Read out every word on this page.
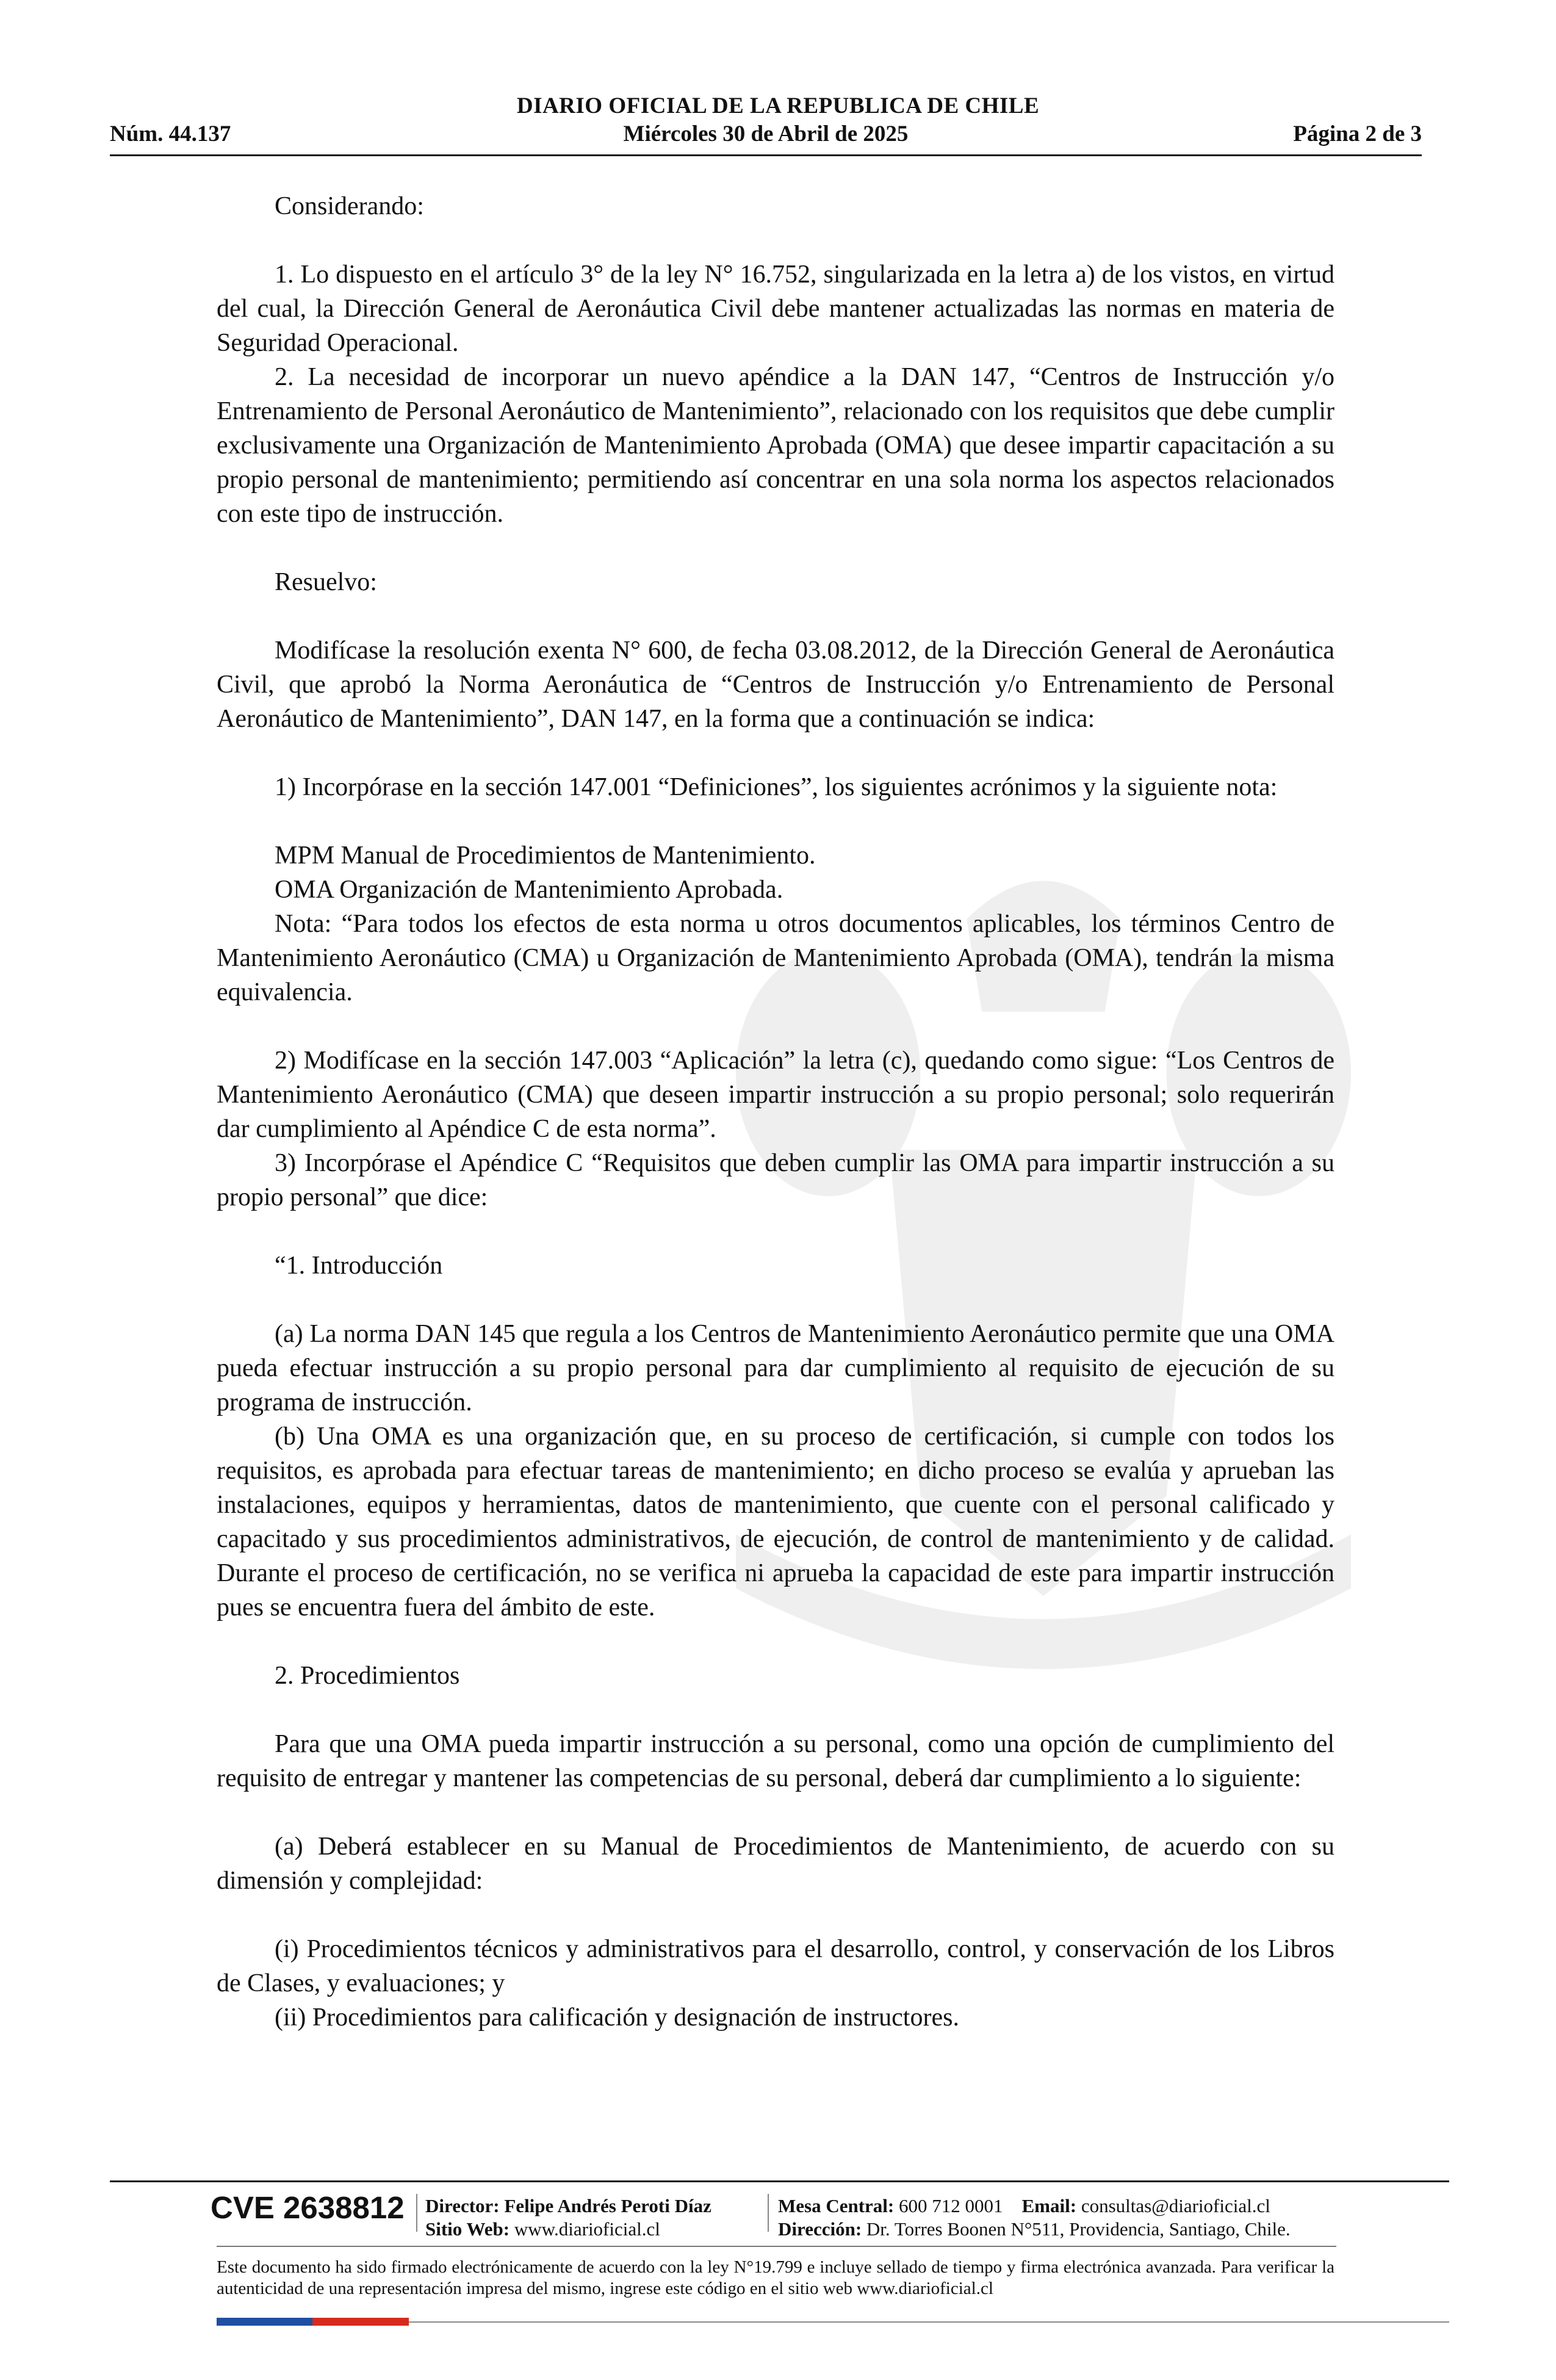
DIARIO OFICIAL DE LA REPUBLICA DE CHILE
Núm. 44.137	Miércoles 30 de Abril de 2025	Página 2 de 3

Considerando:

1. Lo dispuesto en el artículo 3° de la ley N° 16.752, singularizada en la letra a) de los vistos, en virtud del cual, la Dirección General de Aeronáutica Civil debe mantener actualizadas las normas en materia de Seguridad Operacional.

2. La necesidad de incorporar un nuevo apéndice a la DAN 147, “Centros de Instrucción y/o Entrenamiento de Personal Aeronáutico de Mantenimiento”, relacionado con los requisitos que debe cumplir exclusivamente una Organización de Mantenimiento Aprobada (OMA) que desee impartir capacitación a su propio personal de mantenimiento; permitiendo así concentrar en una sola norma los aspectos relacionados con este tipo de instrucción.

Resuelvo:

Modifícase la resolución exenta N° 600, de fecha 03.08.2012, de la Dirección General de Aeronáutica Civil, que aprobó la Norma Aeronáutica de “Centros de Instrucción y/o Entrenamiento de Personal Aeronáutico de Mantenimiento”, DAN 147, en la forma que a continuación se indica:

1) Incorpórase en la sección 147.001 “Definiciones”, los siguientes acrónimos y la siguiente nota:

MPM Manual de Procedimientos de Mantenimiento.

OMA Organización de Mantenimiento Aprobada.

Nota: “Para todos los efectos de esta norma u otros documentos aplicables, los términos Centro de Mantenimiento Aeronáutico (CMA) u Organización de Mantenimiento Aprobada (OMA), tendrán la misma equivalencia.

2) Modifícase en la sección 147.003 “Aplicación” la letra (c), quedando como sigue: “Los Centros de Mantenimiento Aeronáutico (CMA) que deseen impartir instrucción a su propio personal; solo requerirán dar cumplimiento al Apéndice C de esta norma”.

3) Incorpórase el Apéndice C “Requisitos que deben cumplir las OMA para impartir instrucción a su propio personal” que dice:

“1. Introducción

(a) La norma DAN 145 que regula a los Centros de Mantenimiento Aeronáutico permite que una OMA pueda efectuar instrucción a su propio personal para dar cumplimiento al requisito de ejecución de su programa de instrucción.

(b) Una OMA es una organización que, en su proceso de certificación, si cumple con todos los requisitos, es aprobada para efectuar tareas de mantenimiento; en dicho proceso se evalúa y aprueban las instalaciones, equipos y herramientas, datos de mantenimiento, que cuente con el personal calificado y capacitado y sus procedimientos administrativos, de ejecución, de control de mantenimiento y de calidad. Durante el proceso de certificación, no se verifica ni aprueba la capacidad de este para impartir instrucción pues se encuentra fuera del ámbito de este.

2. Procedimientos

Para que una OMA pueda impartir instrucción a su personal, como una opción de cumplimiento del requisito de entregar y mantener las competencias de su personal, deberá dar cumplimiento a lo siguiente:

(a) Deberá establecer en su Manual de Procedimientos de Mantenimiento, de acuerdo con su dimensión y complejidad:

(i) Procedimientos técnicos y administrativos para el desarrollo, control, y conservación de los Libros de Clases, y evaluaciones; y

(ii) Procedimientos para calificación y designación de instructores.

CVE 2638812 Director: Felipe Andrés Peroti Díaz
Sitio Web: www.diarioficial.cl
Mesa Central: 600 712 0001 Email: consultas@diarioficial.cl
Dirección: Dr. Torres Boonen N°511, Providencia, Santiago, Chile.
Este documento ha sido firmado electrónicamente de acuerdo con la ley N°19.799 e incluye sellado de tiempo y firma electrónica avanzada. Para verificar la autenticidad de una representación impresa del mismo, ingrese este código en el sitio web www.diarioficial.cl
